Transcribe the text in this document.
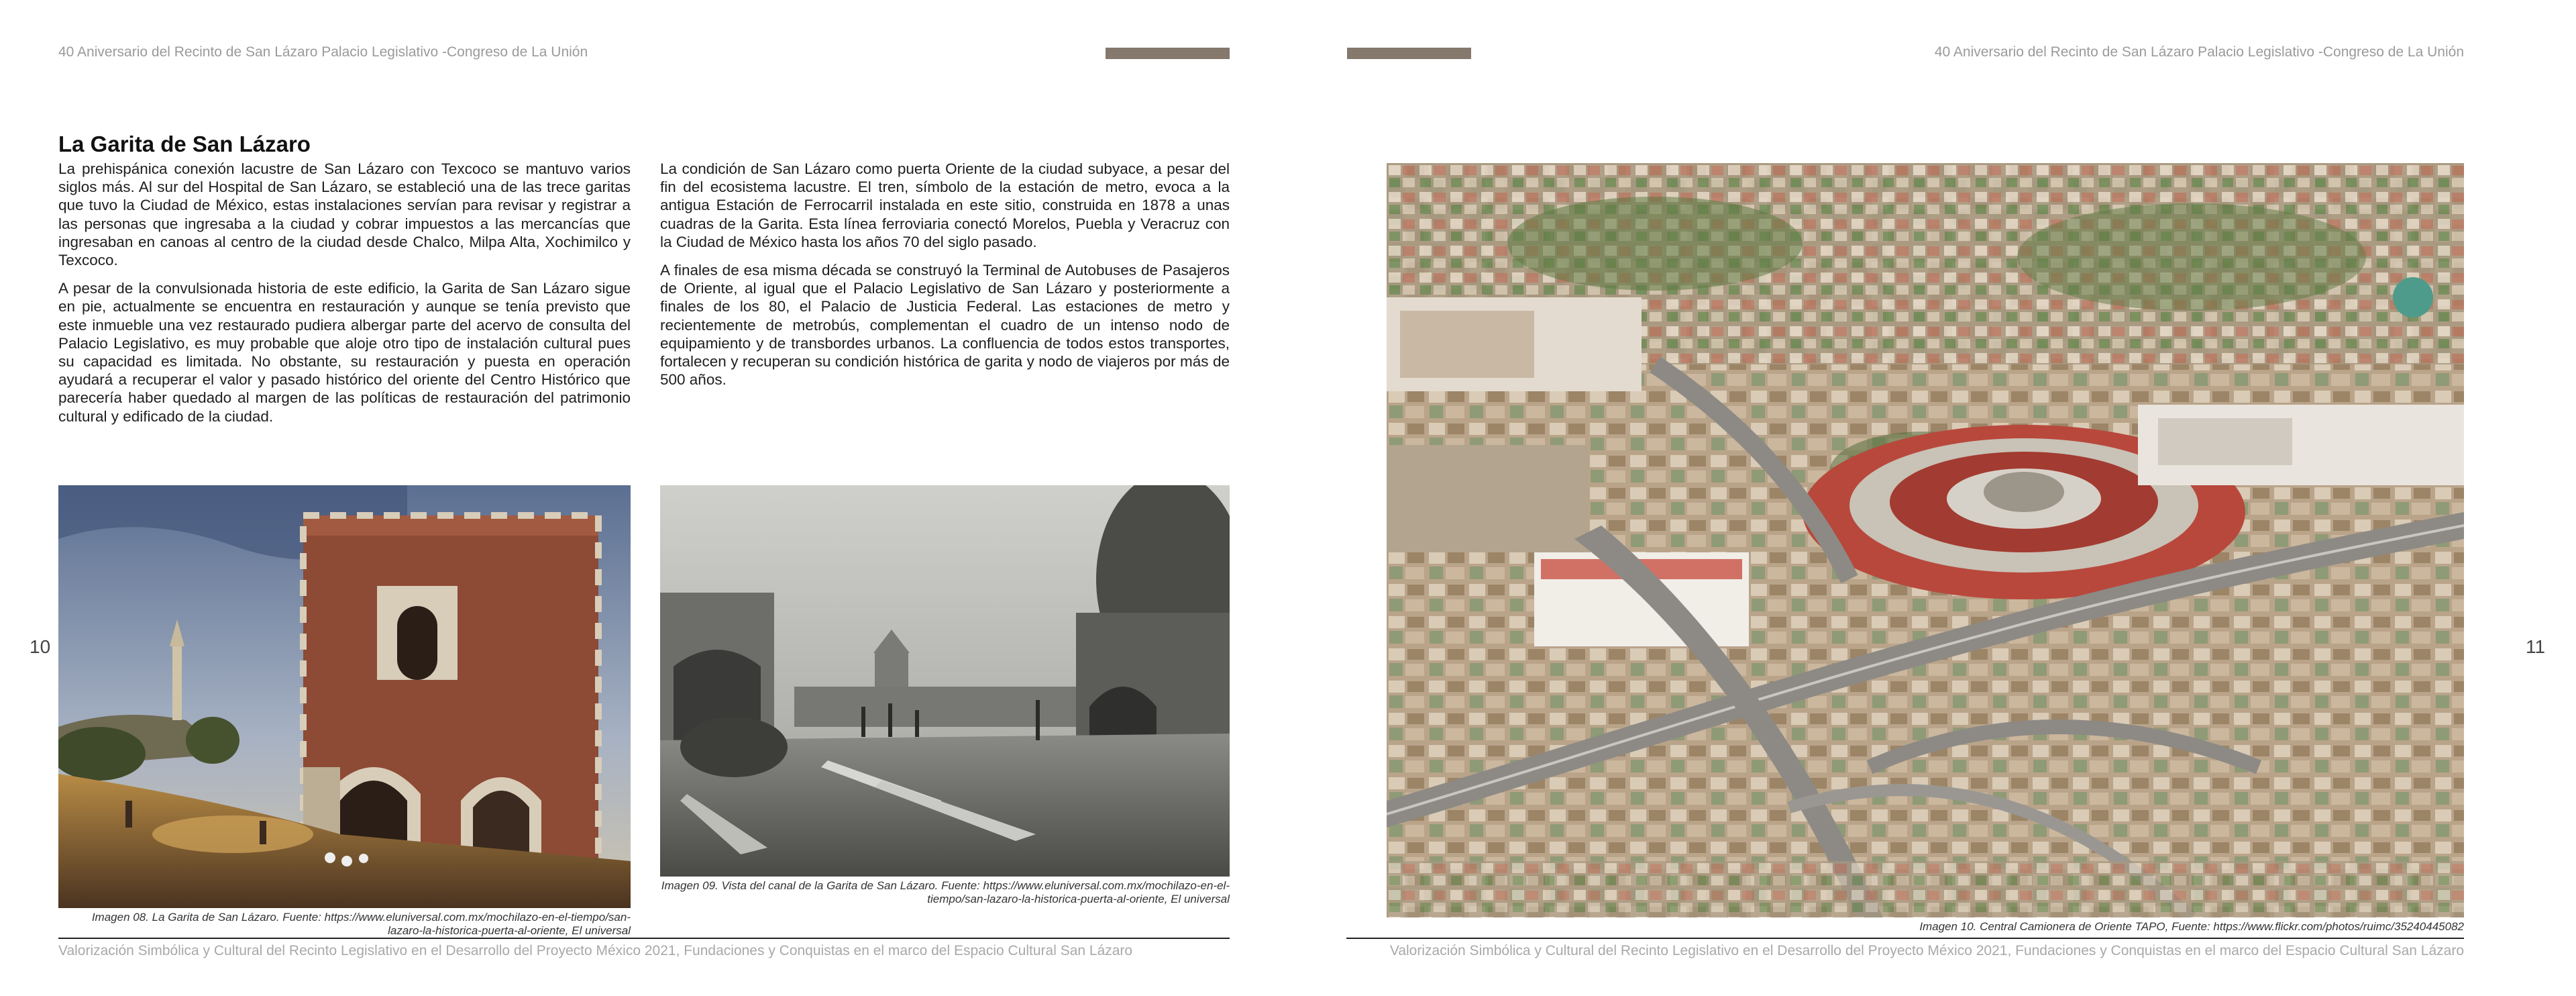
40 Aniversario del Recinto de San Lázaro Palacio Legislativo -Congreso de La Unión
10
La Garita de San Lázaro

La prehispánica conexión lacustre de San Lázaro con Texcoco se mantuvo varios siglos más. Al sur del Hospital de San Lázaro, se estableció una de las trece garitas que tuvo la Ciudad de México, estas instalaciones servían para revisar y registrar a las personas que ingresaba a la ciudad y cobrar impuestos a las mercancías que ingresaban en canoas al centro de la ciudad desde Chalco, Milpa Alta, Xochimilco y Texcoco.

A pesar de la convulsionada historia de este edificio, la Garita de San Lázaro sigue en pie, actualmente se encuentra en restauración y aunque se tenía previsto que este inmueble una vez restaurado pudiera albergar parte del acervo de consulta del Palacio Legislativo, es muy probable que aloje otro tipo de instalación cultural pues su capacidad es limitada. No obstante, su restauración y puesta en operación ayudará a recuperar el valor y pasado histórico del oriente del Centro Histórico que parecería haber quedado al margen de las políticas de restauración del patrimonio cultural y edificado de la ciudad.

La condición de San Lázaro como puerta Oriente de la ciudad subyace, a pesar del fin del ecosistema lacustre. El tren, símbolo de la estación de metro, evoca a la antigua Estación de Ferrocarril instalada en este sitio, construida en 1878 a unas cuadras de la Garita. Esta línea ferroviaria conectó Morelos, Puebla y Veracruz con la Ciudad de México hasta los años 70 del siglo pasado.

A finales de esa misma década se construyó la Terminal de Autobuses de Pasajeros de Oriente, al igual que el Palacio Legislativo de San Lázaro y posteriormente a finales de los 80, el Palacio de Justicia Federal. Las estaciones de metro y recientemente de metrobús, complementan el cuadro de un intenso nodo de equipamiento y de transbordes urbanos. La confluencia de todos estos transportes, fortalecen y recuperan su condición histórica de garita y nodo de viajeros por más de 500 años.

Imagen 08. La Garita de San Lázaro. Fuente: https://www.eluniversal.com.mx/mochilazo-en-el-tiempo/san-
lazaro-la-historica-puerta-al-oriente, El universal
Imagen 09. Vista del canal de la Garita de San Lázaro. Fuente: https://www.eluniversal.com.mx/mochilazo-en-el-
tiempo/san-lazaro-la-historica-puerta-al-oriente, El universal
Valorización Simbólica y Cultural del Recinto Legislativo en el Desarrollo del Proyecto México 2021, Fundaciones y Conquistas en el marco del Espacio Cultural San Lázaro
40 Aniversario del Recinto de San Lázaro Palacio Legislativo -Congreso de La Unión
11
Imagen 10. Central Camionera de Oriente TAPO, Fuente: https://www.flickr.com/photos/ruimc/35240445082
Valorización Simbólica y Cultural del Recinto Legislativo en el Desarrollo del Proyecto México 2021, Fundaciones y Conquistas en el marco del Espacio Cultural San Lázaro
